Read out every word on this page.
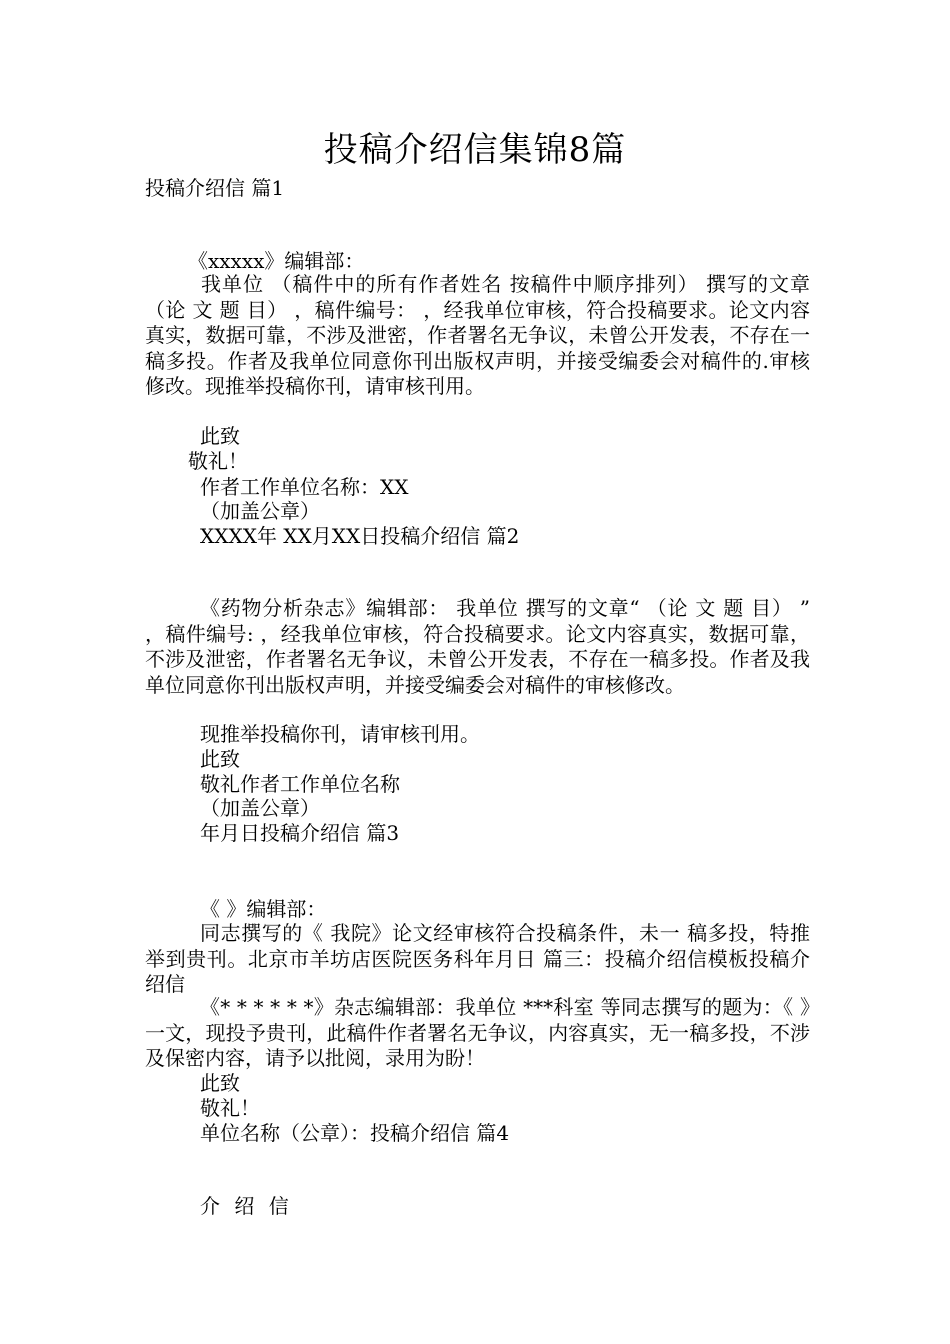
投稿介绍信集锦8篇
投稿介绍信 篇1
《xxxxx》编辑部：
我单位 （稿件中的所有作者姓名 按稿件中顺序排列） 撰写的文章 （论 文 题 目） ，稿件编号： ，经我单位审核，符合投稿要求。论文内容真实，数据可靠，不涉及泄密，作者署名无争议，未曾公开发表，不存在一稿多投。作者及我单位同意你刊出版权声明，并接受编委会对稿件的.审核修改。现推举投稿你刊，请审核刊用。
此致
敬礼！
作者工作单位名称：XX
（加盖公章）
XXXX年 XX月XX日投稿介绍信 篇2
《药物分析杂志》编辑部： 我单位 撰写的文章“ （论 文 题 目） ” ，稿件编号: ，经我单位审核，符合投稿要求。论文内容真实，数据可靠，不涉及泄密，作者署名无争议，未曾公开发表，不存在一稿多投。作者及我单位同意你刊出版权声明，并接受编委会对稿件的审核修改。
现推举投稿你刊，请审核刊用。
此致
敬礼作者工作单位名称
（加盖公章）
年月日投稿介绍信 篇3
《 》编辑部：
同志撰写的《 我院》论文经审核符合投稿条件，未一 稿多投，特推举到贵刊。北京市羊坊店医院医务科年月日 篇三：投稿介绍信模板投稿介绍信
《* * * * * *》杂志编辑部：我单位 ***科室 等同志撰写的题为：《 》一文，现投予贵刊，此稿件作者署名无争议，内容真实，无一稿多投，不涉及保密内容，请予以批阅，录用为盼！
此致
敬礼！
单位名称（公章）：投稿介绍信 篇4
介 绍 信
